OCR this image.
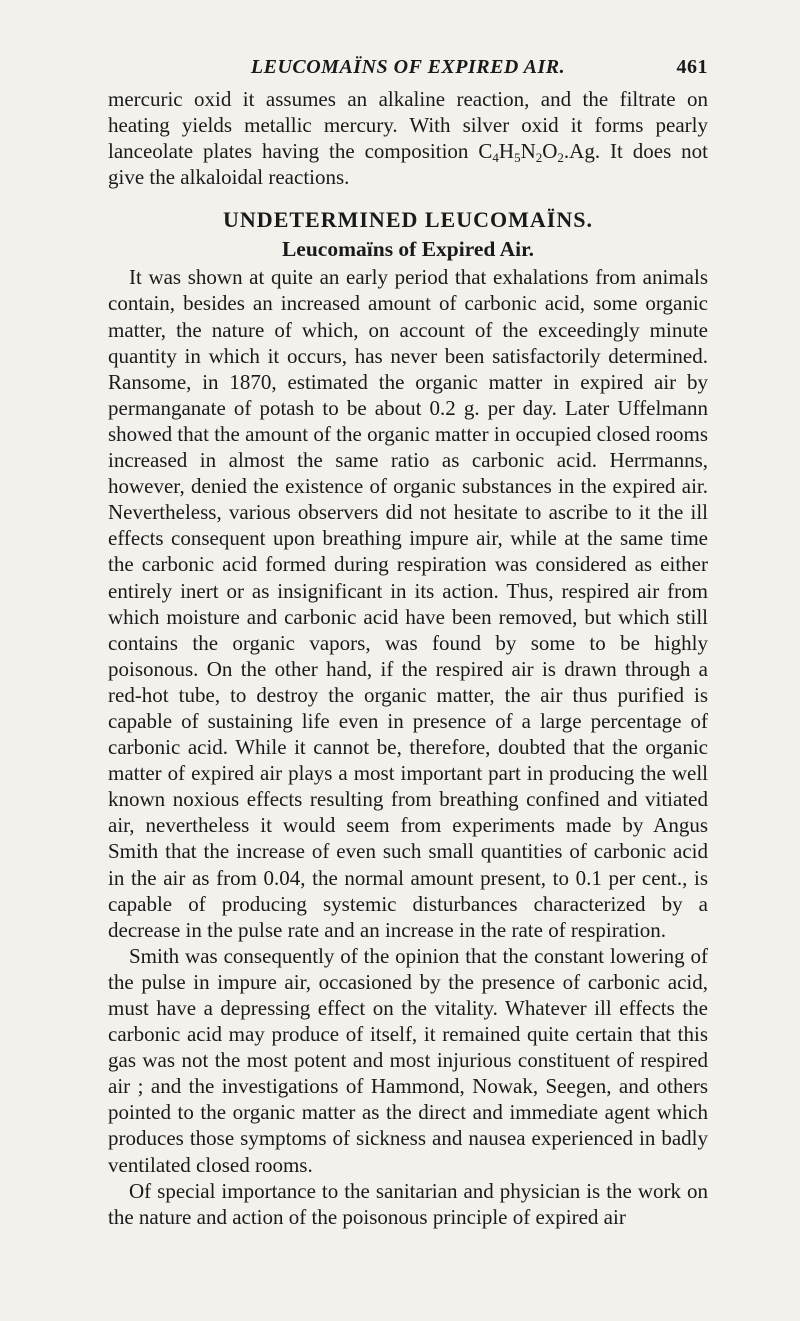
LEUCOMAÏNS OF EXPIRED AIR.	461

mercuric oxid it assumes an alkaline reaction, and the filtrate on heating yields metallic mercury. With silver oxid it forms pearly lanceolate plates having the composition $C_4H_5N_2O_2.Ag$. It does not give the alkaloidal reactions.

UNDETERMINED LEUCOMAÏNS.
Leucomaïns of Expired Air.

It was shown at quite an early period that exhalations from animals contain, besides an increased amount of carbonic acid, some organic matter, the nature of which, on account of the exceedingly minute quantity in which it occurs, has never been satisfactorily determined. Ransome, in 1870, estimated the organic matter in expired air by permanganate of potash to be about 0.2 g. per day. Later Uffelmann showed that the amount of the organic matter in occupied closed rooms increased in almost the same ratio as carbonic acid. Herrmanns, however, denied the existence of organic substances in the expired air. Nevertheless, various observers did not hesitate to ascribe to it the ill effects consequent upon breathing impure air, while at the same time the carbonic acid formed during respiration was considered as either entirely inert or as insignificant in its action. Thus, respired air from which moisture and carbonic acid have been removed, but which still contains the organic vapors, was found by some to be highly poisonous. On the other hand, if the respired air is drawn through a red-hot tube, to destroy the organic matter, the air thus purified is capable of sustaining life even in presence of a large percentage of carbonic acid. While it cannot be, therefore, doubted that the organic matter of expired air plays a most important part in producing the well known noxious effects resulting from breathing confined and vitiated air, nevertheless it would seem from experiments made by Angus Smith that the increase of even such small quantities of carbonic acid in the air as from 0.04, the normal amount present, to 0.1 per cent., is capable of producing systemic disturbances characterized by a decrease in the pulse rate and an increase in the rate of respiration.

Smith was consequently of the opinion that the constant lowering of the pulse in impure air, occasioned by the presence of carbonic acid, must have a depressing effect on the vitality. Whatever ill effects the carbonic acid may produce of itself, it remained quite certain that this gas was not the most potent and most injurious constituent of respired air ; and the investigations of Hammond, Nowak, Seegen, and others pointed to the organic matter as the direct and immediate agent which produces those symptoms of sickness and nausea experienced in badly ventilated closed rooms.

Of special importance to the sanitarian and physician is the work on the nature and action of the poisonous principle of expired air
